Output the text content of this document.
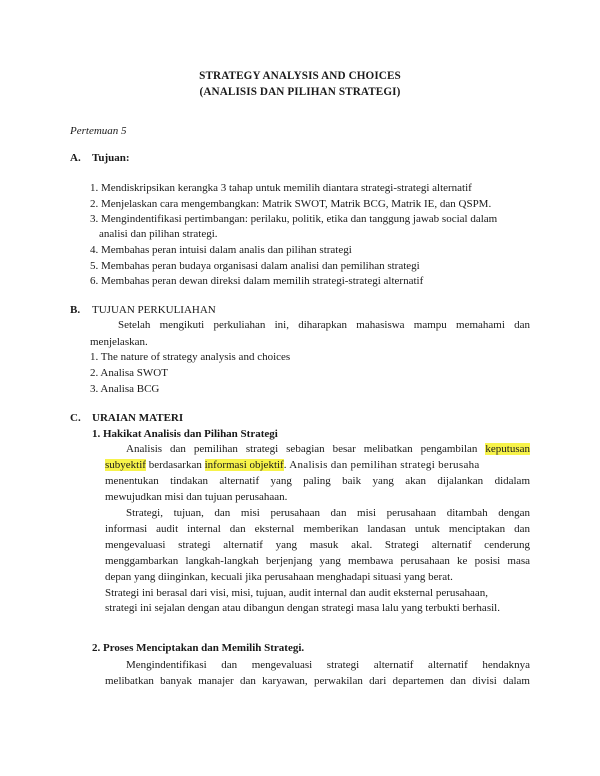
STRATEGY ANALYSIS AND CHOICES
(ANALISIS DAN PILIHAN STRATEGI)
Pertemuan 5
A. Tujuan:
1. Mendiskripsikan kerangka 3 tahap untuk memilih diantara strategi-strategi alternatif
2. Menjelaskan cara mengembangkan: Matrik SWOT, Matrik BCG, Matrik IE, dan QSPM.
3. Mengindentifikasi pertimbangan: perilaku, politik, etika dan tanggung jawab social dalam
analisi dan pilihan strategi.
4. Membahas peran intuisi dalam analis dan pilihan strategi
5. Membahas peran budaya organisasi dalam analisi dan pemilihan strategi
6. Membahas peran dewan direksi dalam memilih strategi-strategi alternatif
B. TUJUAN PERKULIAHAN
Setelah mengikuti perkuliahan ini, diharapkan mahasiswa mampu memahami dan
menjelaskan.
1. The nature of strategy analysis and choices
2. Analisa SWOT
3. Analisa BCG
C. URAIAN MATERI
1. Hakikat Analisis dan Pilihan Strategi
Analisis dan pemilihan strategi sebagian besar melibatkan pengambilan keputusan
subyektif berdasarkan informasi objektif. Analisis dan pemilihan strategi berusaha
menentukan tindakan alternatif yang paling baik yang akan dijalankan didalam
mewujudkan misi dan tujuan perusahaan.
Strategi, tujuan, dan misi perusahaan dan misi perusahaan ditambah dengan
informasi audit internal dan eksternal memberikan landasan untuk menciptakan dan
mengevaluasi strategi alternatif yang masuk akal. Strategi alternatif cenderung
menggambarkan langkah-langkah berjenjang yang membawa perusahaan ke posisi masa
depan yang diinginkan, kecuali jika perusahaan menghadapi situasi yang berat.
Strategi ini berasal dari visi, misi, tujuan, audit internal dan audit eksternal perusahaan,
strategi ini sejalan dengan atau dibangun dengan strategi masa lalu yang terbukti berhasil.
2. Proses Menciptakan dan Memilih Strategi.
Mengindentifikasi dan mengevaluasi strategi alternatif alternatif hendaknya
melibatkan banyak manajer dan karyawan, perwakilan dari departemen dan divisi dalam
